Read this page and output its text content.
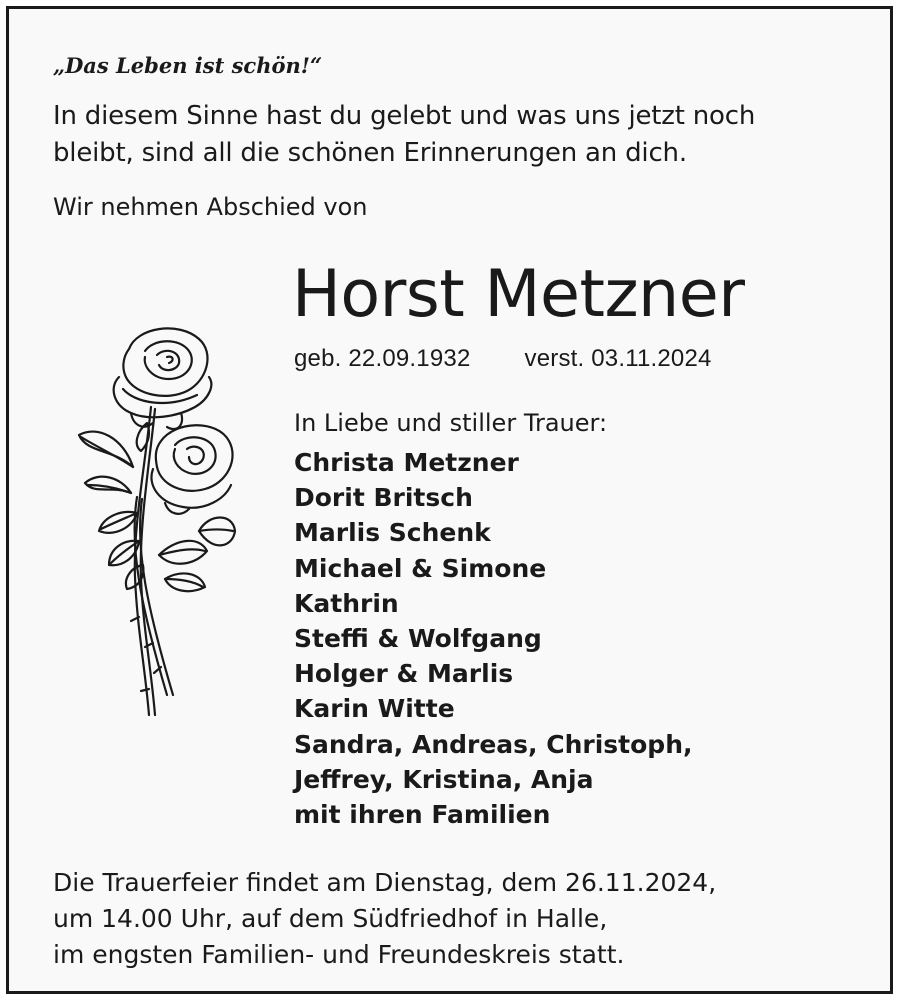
„Das Leben ist schön!“
In diesem Sinne hast du gelebt und was uns jetzt noch
bleibt, sind all die schönen Erinnerungen an dich.
Wir nehmen Abschied von
Horst Metzner
geb. 22.09.1932 verst. 03.11.2024
In Liebe und stiller Trauer:
Christa Metzner
Dorit Britsch
Marlis Schenk
Michael & Simone
Kathrin
Steffi & Wolfgang
Holger & Marlis
Karin Witte
Sandra, Andreas, Christoph,
Jeffrey, Kristina, Anja
mit ihren Familien
Die Trauerfeier findet am Dienstag, dem 26.11.2024,
um 14.00 Uhr, auf dem Südfriedhof in Halle,
im engsten Familien- und Freundeskreis statt.
